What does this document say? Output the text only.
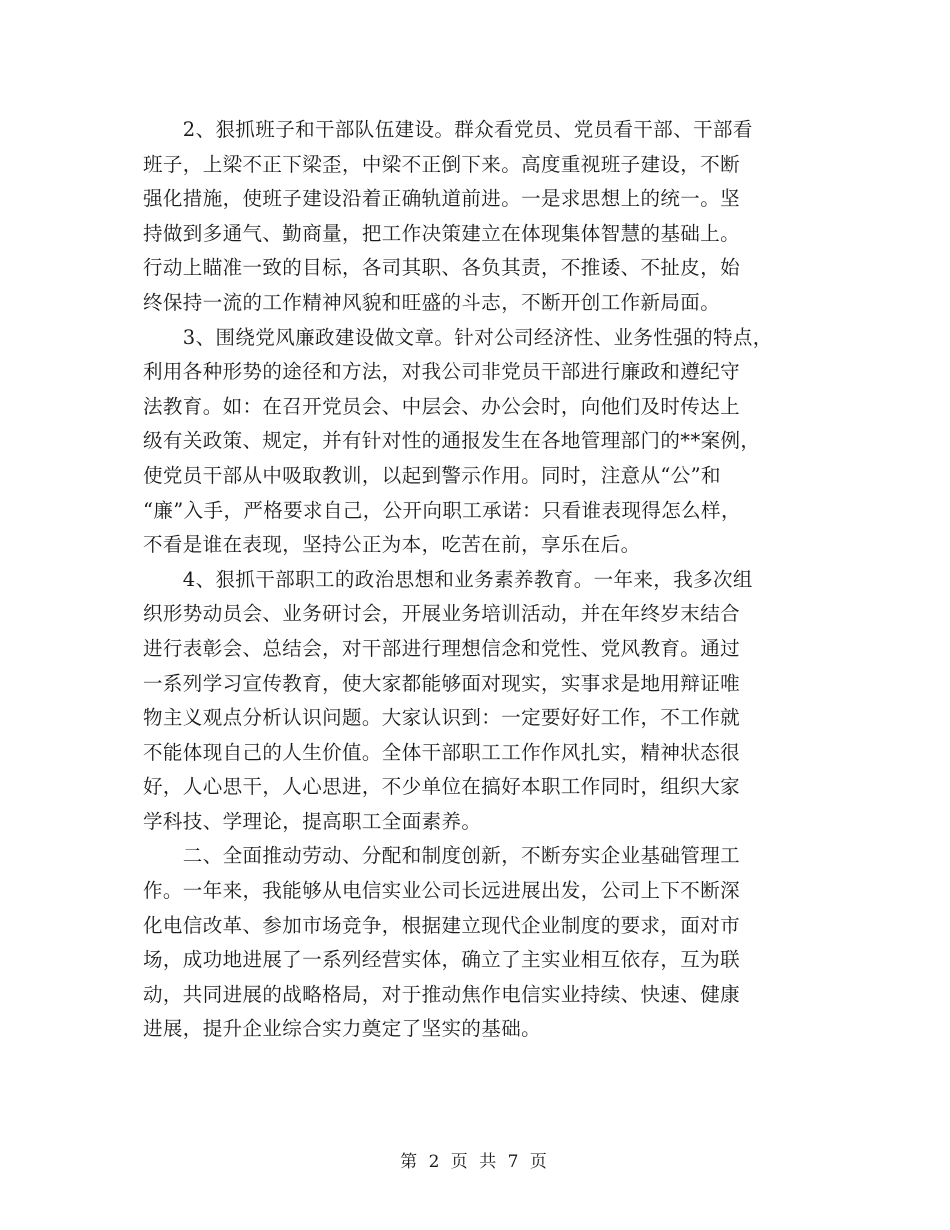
　　2、狠抓班子和干部队伍建设。群众看党员、党员看干部、干部看
班子，上梁不正下梁歪，中梁不正倒下来。高度重视班子建设，不断
强化措施，使班子建设沿着正确轨道前进。一是求思想上的统一。坚
持做到多通气、勤商量，把工作决策建立在体现集体智慧的基础上。
行动上瞄准一致的目标，各司其职、各负其责，不推诿、不扯皮，始
终保持一流的工作精神风貌和旺盛的斗志，不断开创工作新局面。
　　3、围绕党风廉政建设做文章。针对公司经济性、业务性强的特点，
利用各种形势的途径和方法，对我公司非党员干部进行廉政和遵纪守
法教育。如：在召开党员会、中层会、办公会时，向他们及时传达上
级有关政策、规定，并有针对性的通报发生在各地管理部门的**案例，
使党员干部从中吸取教训，以起到警示作用。同时，注意从“公”和
“廉”入手，严格要求自己，公开向职工承诺：只看谁表现得怎么样，
不看是谁在表现，坚持公正为本，吃苦在前，享乐在后。
　　4、狠抓干部职工的政治思想和业务素养教育。一年来，我多次组
织形势动员会、业务研讨会，开展业务培训活动，并在年终岁末结合
进行表彰会、总结会，对干部进行理想信念和党性、党风教育。通过
一系列学习宣传教育，使大家都能够面对现实，实事求是地用辩证唯
物主义观点分析认识问题。大家认识到：一定要好好工作，不工作就
不能体现自己的人生价值。全体干部职工工作作风扎实，精神状态很
好，人心思干，人心思进，不少单位在搞好本职工作同时，组织大家
学科技、学理论，提高职工全面素养。
　　二、全面推动劳动、分配和制度创新，不断夯实企业基础管理工
作。一年来，我能够从电信实业公司长远进展出发，公司上下不断深
化电信改革、参加市场竞争，根据建立现代企业制度的要求，面对市
场，成功地进展了一系列经营实体，确立了主实业相互依存，互为联
动，共同进展的战略格局，对于推动焦作电信实业持续、快速、健康
进展，提升企业综合实力奠定了坚实的基础。
第 2 页 共 7 页
